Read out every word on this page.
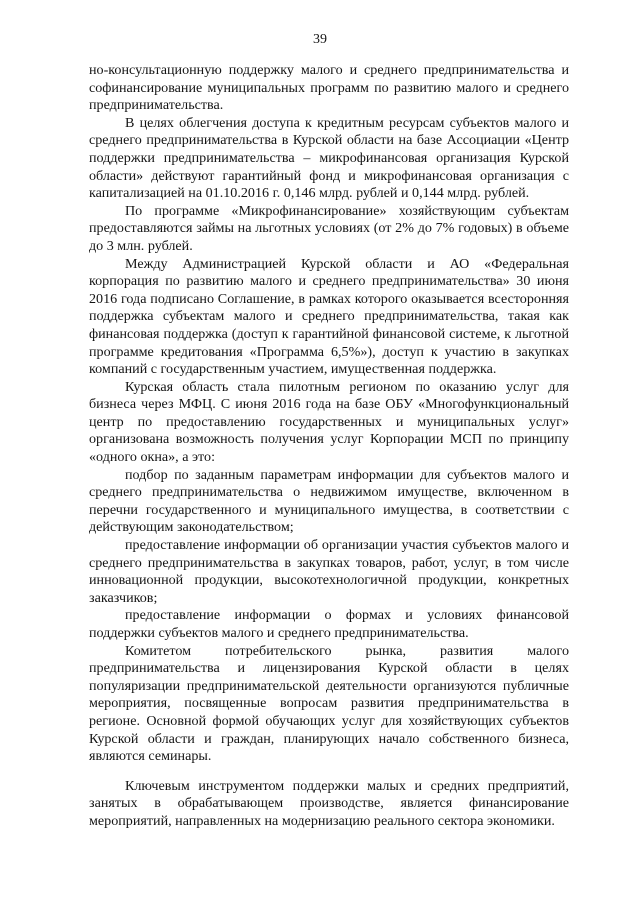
39

но-консультационную поддержку малого и среднего предпринимательства и софинансирование муниципальных программ по развитию малого и среднего предпринимательства.

В целях облегчения доступа к кредитным ресурсам субъектов малого и среднего предпринимательства в Курской области на базе Ассоциации «Центр поддержки предпринимательства – микрофинансовая организация Курской области» действуют гарантийный фонд и микрофинансовая организация с капитализацией на 01.10.2016 г. 0,146 млрд. рублей и 0,144 млрд. рублей.

По программе «Микрофинансирование» хозяйствующим субъектам предоставляются займы на льготных условиях (от 2% до 7% годовых) в объеме до 3 млн. рублей.

Между Администрацией Курской области и АО «Федеральная корпорация по развитию малого и среднего предпринимательства» 30 июня 2016 года подписано Соглашение, в рамках которого оказывается всесторонняя поддержка субъектам малого и среднего предпринимательства, такая как финансовая поддержка (доступ к гарантийной финансовой системе, к льготной программе кредитования «Программа 6,5%»), доступ к участию в закупках компаний с государственным участием, имущественная поддержка.

Курская область стала пилотным регионом по оказанию услуг для бизнеса через МФЦ. С июня 2016 года на базе ОБУ «Многофункциональный центр по предоставлению государственных и муниципальных услуг» организована возможность получения услуг Корпорации МСП по принципу «одного окна», а это:

подбор по заданным параметрам информации для субъектов малого и среднего предпринимательства о недвижимом имуществе, включенном в перечни государственного и муниципального имущества, в соответствии с действующим законодательством;

предоставление информации об организации участия субъектов малого и среднего предпринимательства в закупках товаров, работ, услуг, в том числе инновационной продукции, высокотехнологичной продукции, конкретных заказчиков;

предоставление информации о формах и условиях финансовой поддержки субъектов малого и среднего предпринимательства.

Комитетом потребительского рынка, развития малого предпринимательства и лицензирования Курской области в целях популяризации предпринимательской деятельности организуются публичные мероприятия, посвященные вопросам развития предпринимательства в регионе. Основной формой обучающих услуг для хозяйствующих субъектов Курской области и граждан, планирующих начало собственного бизнеса, являются семинары.

Ключевым инструментом поддержки малых и средних предприятий, занятых в обрабатывающем производстве, является финансирование мероприятий, направленных на модернизацию реального сектора экономики.
